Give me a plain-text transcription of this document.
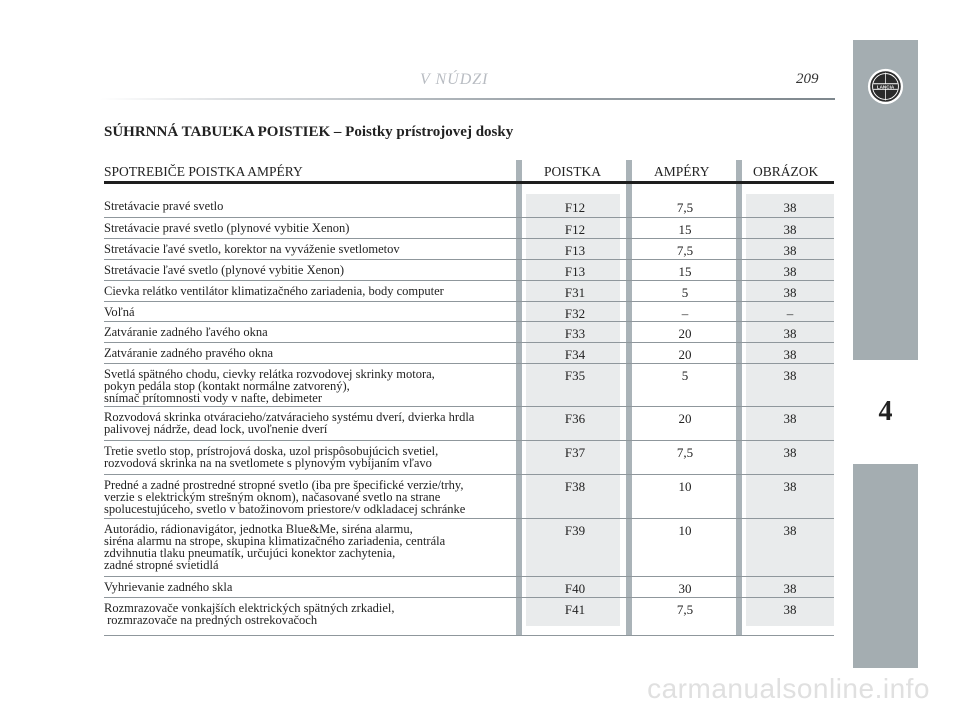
V NÚDZI	209	LANCIA
4
SÚHRNNÁ TABUĽKA POISTIEK – Poistky prístrojovej dosky
SPOTREBIČE POISTKA AMPÉRY	POISTKA	AMPÉRY	OBRÁZOK
Stretávacie pravé svetlo	F12	7,5	38
Stretávacie pravé svetlo (plynové vybitie Xenon)	F12	15	38
Stretávacie ľavé svetlo, korektor na vyváženie svetlometov	F13	7,5	38
Stretávacie ľavé svetlo (plynové vybitie Xenon)	F13	15	38
Cievka relátko ventilátor klimatizačného zariadenia, body computer	F31	5	38
Voľná	F32	–	–
Zatváranie zadného ľavého okna	F33	20	38
Zatváranie zadného pravého okna	F34	20	38
Svetlá spätného chodu, cievky relátka rozvodovej skrinky motora,
pokyn pedála stop (kontakt normálne zatvorený),
snímač prítomnosti vody v nafte, debimeter
F35	5	38
Rozvodová skrinka otváracieho/zatváracieho systému dverí, dvierka hrdla
palivovej nádrže, dead lock, uvoľnenie dverí
F36	20	38
Tretie svetlo stop, prístrojová doska, uzol prispôsobujúcich svetiel,
rozvodová skrinka na na svetlomete s plynovým vybíjaním vľavo
F37	7,5	38
Predné a zadné prostredné stropné svetlo (iba pre špecifické verzie/trhy,
verzie s elektrickým strešným oknom), načasované svetlo na strane
spolucestujúceho, svetlo v batožinovom priestore/v odkladacej schránke
F38	10	38
Autorádio, rádionavigátor, jednotka Blue&Me, siréna alarmu,
siréna alarmu na strope, skupina klimatizačného zariadenia, centrála
zdvihnutia tlaku pneumatík, určujúci konektor zachytenia,
zadné stropné svietidlá
F39	10	38
Vyhrievanie zadného skla	F40	30	38
Rozmrazovače vonkajších elektrických spätných zrkadiel,
rozmrazovače na predných ostrekovačoch
F41	7,5	38
carmanualsonline.info
